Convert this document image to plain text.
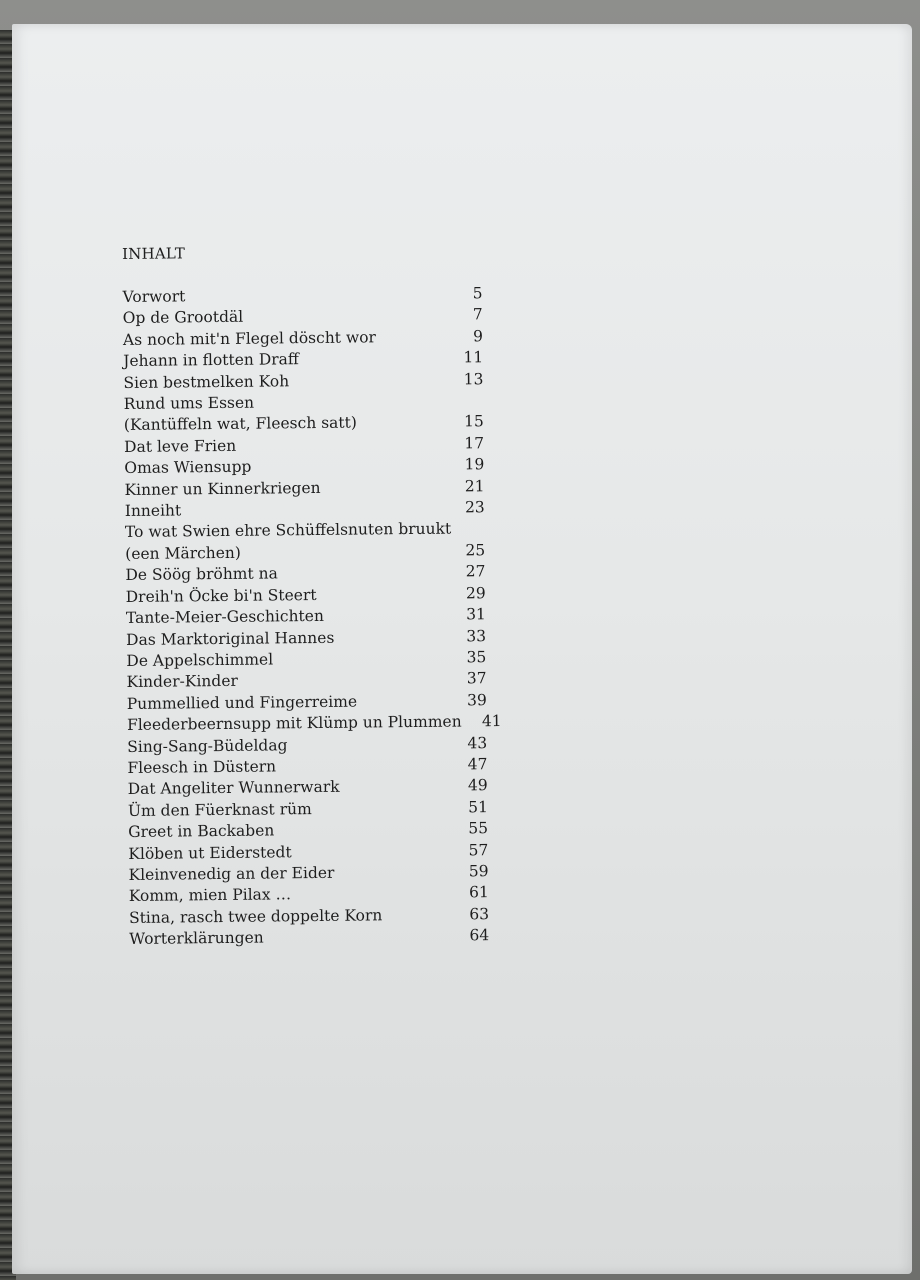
INHALT
Vorwort	5
Op de Grootdäl	7
As noch mit'n Flegel döscht wor	9
Jehann in flotten Draff	11
Sien bestmelken Koh	13
Rund ums Essen
(Kantüffeln wat, Fleesch satt)	15
Dat leve Frien	17
Omas Wiensupp	19
Kinner un Kinnerkriegen	21
Inneiht	23
To wat Swien ehre Schüffelsnuten bruukt
(een Märchen)	25
De Söög bröhmt na	27
Dreih'n Öcke bi'n Steert	29
Tante-Meier-Geschichten	31
Das Marktoriginal Hannes	33
De Appelschimmel	35
Kinder-Kinder	37
Pummellied und Fingerreime	39
Fleederbeernsupp mit Klümp un Plummen	41
Sing-Sang-Büdeldag	43
Fleesch in Düstern	47
Dat Angeliter Wunnerwark	49
Üm den Füerknast rüm	51
Greet in Backaben	55
Klöben ut Eiderstedt	57
Kleinvenedig an der Eider	59
Komm, mien Pilax …	61
Stina, rasch twee doppelte Korn	63
Worterklärungen	64
